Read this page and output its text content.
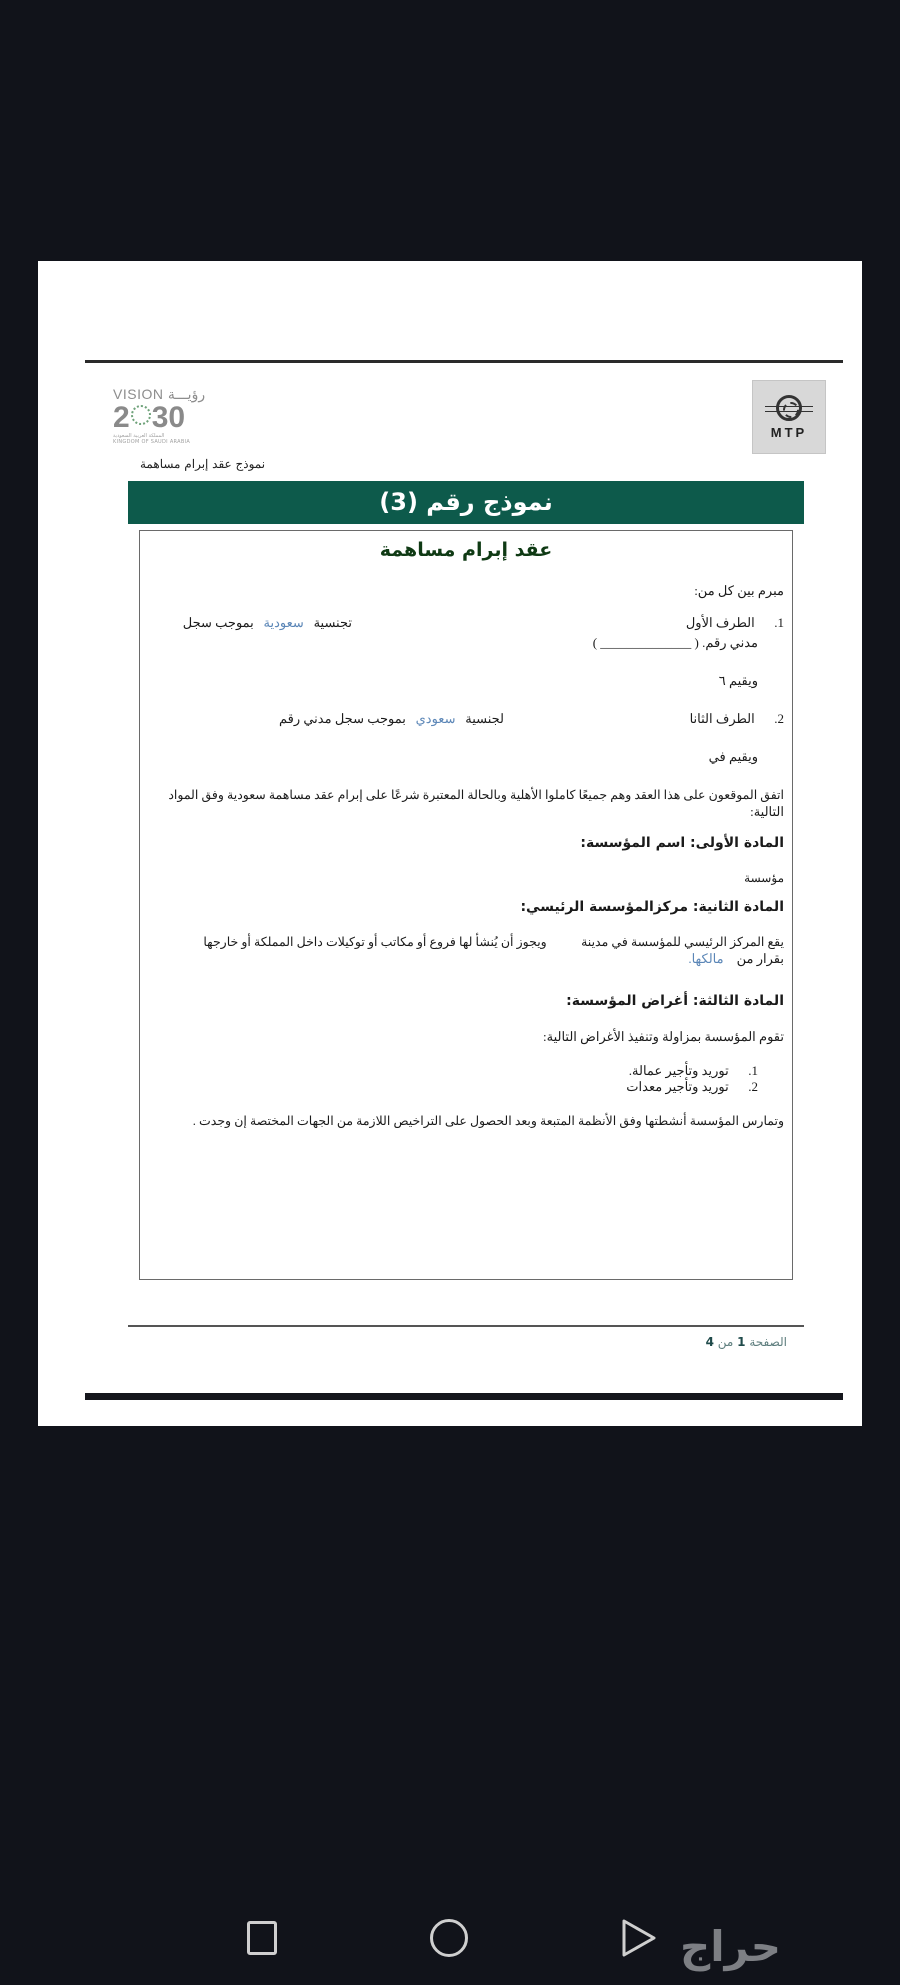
VISION رؤيـــة
2 30
المملكة العربية السعودية
KINGDOM OF SAUDI ARABIA
MTP
نموذج عقد إبرام مساهمة
نموذج رقم (3)
عقد إبرام مساهمة
مبرم بين كل من:
1. الطرف الأول
تجنسية   سعودية   بموجب سجل
مدني رقم. ( ______________ )
ويقيم ٦
2. الطرف الثانا
لجنسية   سعودي   بموجب سجل مدني رقم
ويقيم في
اتفق الموقعون على هذا العقد وهم جميعًا كاملوا الأهلية وبالحالة المعتبرة شرعًا على إبرام عقد مساهمة سعودية وفق المواد
التالية:
المادة الأولى: اسم المؤسسة:
مؤسسة
المادة الثانية: مركزالمؤسسة الرئيسي:
يقع المركز الرئيسي للمؤسسة في مدينة           ويجوز أن يُنشأ لها فروع أو مكاتب أو توكيلات داخل المملكة أو خارجها
بقرار من    مالكها.
المادة الثالثة: أغراض المؤسسة:
تقوم المؤسسة بمزاولة وتنفيذ الأغراض التالية:
1. توريد وتأجير عمالة.
2. توريد وتأجير معدات
وتمارس المؤسسة أنشطتها وفق الأنظمة المتبعة وبعد الحصول على التراخيص اللازمة من الجهات المختصة إن وجدت .
الصفحة 1 من 4
حراج
